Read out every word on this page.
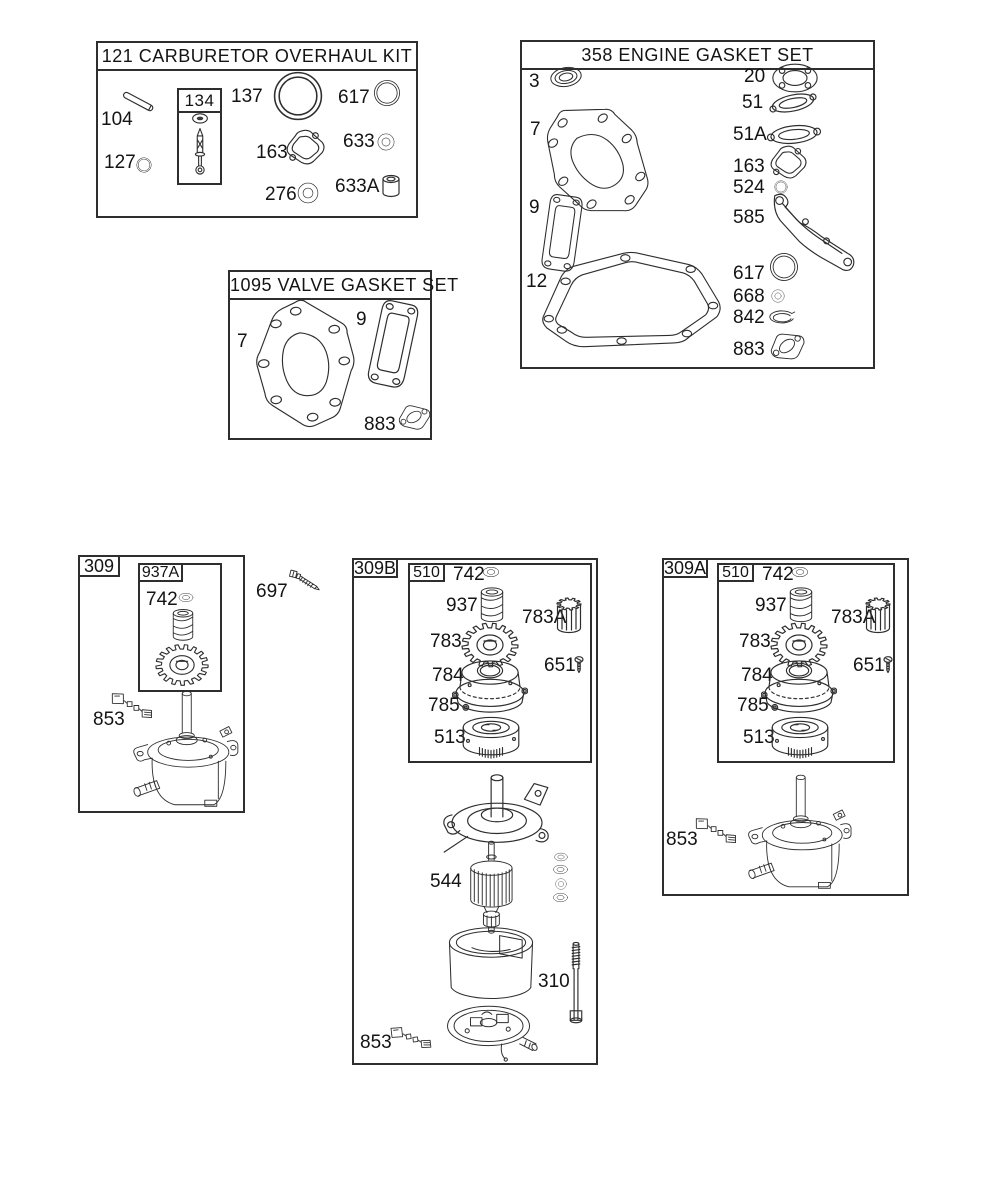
121 CARBURETOR OVERHAUL KIT
104
127
134 137	617
163
633
276 633A
358 ENGINE GASKET SET
3
7
9
12
20
51
51A
163
524
585
617
668
842
883
1095 VALVE GASKET SET
7
9
883
309	937A
742
853
697
309B	510 742
937
783A
783
651
784
785
513
544
310
853
309A	510 742
937
783A
783
651
784
785
513
853
